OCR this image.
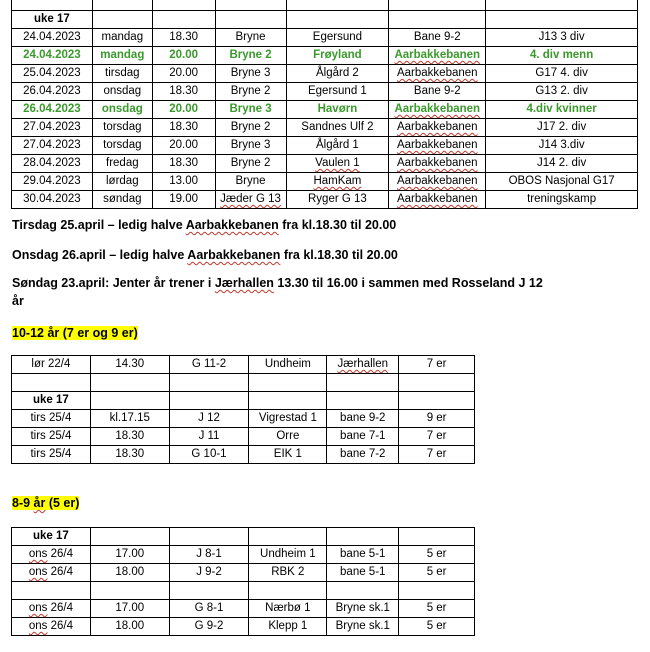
uke 17						
24.04.2023	mandag	18.30	Bryne	Egersund	Bane 9-2	J13 3 div
24.04.2023	mandag	20.00	Bryne 2	Frøyland	Aarbakkebanen	4. div menn
25.04.2023	tirsdag	20.00	Bryne 3	Ålgård 2	Aarbakkebanen	G17 4. div
26.04.2023	onsdag	18.30	Bryne 2	Egersund 1	Bane 9-2	G13 2. div
26.04.2023	onsdag	20.00	Bryne 3	Havørn	Aarbakkebanen	4.div kvinner
27.04.2023	torsdag	18.30	Bryne 2	Sandnes Ulf 2	Aarbakkebanen	J17 2. div
27.04.2023	torsdag	20.00	Bryne 3	Ålgård 1	Aarbakkebanen	J14 3.div
28.04.2023	fredag	18.30	Bryne 2	Vaulen 1	Aarbakkebanen	J14 2. div
29.04.2023	lørdag	13.00	Bryne	HamKam	Aarbakkebanen	OBOS Nasjonal G17
30.04.2023	søndag	19.00	Jæder G 13	Ryger G 13	Aarbakkebanen	treningskamp
Tirsdag 25.april – ledig halve Aarbakkebanen fra kl.18.30 til 20.00
Onsdag 26.april – ledig halve Aarbakkebanen fra kl.18.30 til 20.00
Søndag 23.april: Jenter år trener i Jærhallen 13.30 til 16.00 i sammen med Rosseland J 12
år
10-12 år (7 er og 9 er)
lør 22/4	14.30	G 11-2	Undheim	Jærhallen	7 er

uke 17					
tirs 25/4	kl.17.15	J 12	Vigrestad 1	bane 9-2	9 er
tirs 25/4	18.30	J 11	Orre	bane 7-1	7 er
tirs 25/4	18.30	G 10-1	EIK 1	bane 7-2	7 er
8-9 år (5 er)
uke 17					
ons 26/4	17.00	J 8-1	Undheim 1	bane 5-1	5 er
ons 26/4	18.00	J 9-2	RBK 2	bane 5-1	5 er

ons 26/4	17.00	G 8-1	Nærbø 1	Bryne sk.1	5 er
ons 26/4	18.00	G 9-2	Klepp 1	Bryne sk.1	5 er
